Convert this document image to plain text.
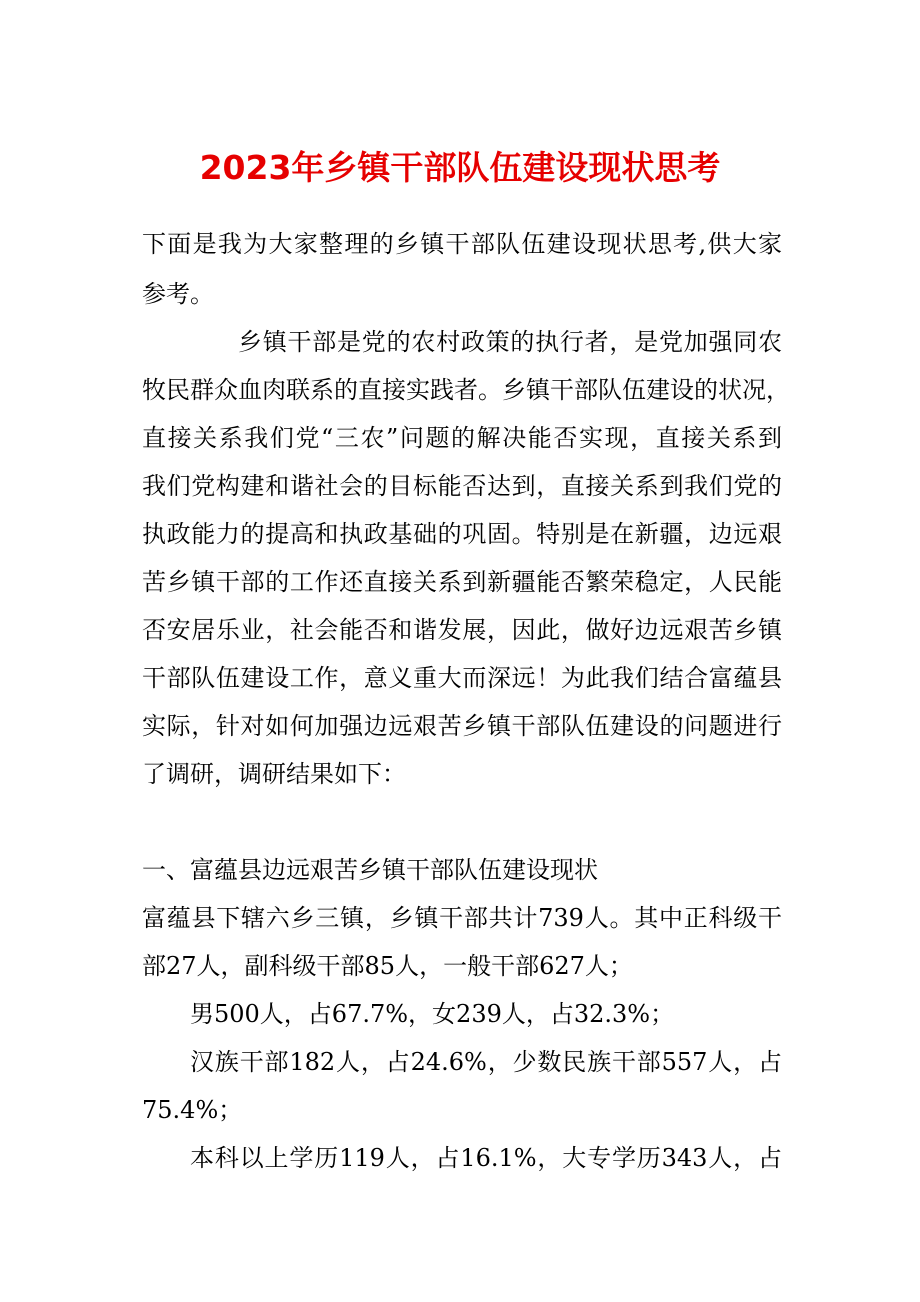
2023年乡镇干部队伍建设现状思考

下面是我为大家整理的乡镇干部队伍建设现状思考,供大家

参考。

乡镇干部是党的农村政策的执行者，是党加强同农

牧民群众血肉联系的直接实践者。乡镇干部队伍建设的状况，

直接关系我们党“三农”问题的解决能否实现，直接关系到

我们党构建和谐社会的目标能否达到，直接关系到我们党的

执政能力的提高和执政基础的巩固。特别是在新疆，边远艰

苦乡镇干部的工作还直接关系到新疆能否繁荣稳定，人民能

否安居乐业，社会能否和谐发展，因此，做好边远艰苦乡镇

干部队伍建设工作，意义重大而深远！为此我们结合富蕴县

实际，针对如何加强边远艰苦乡镇干部队伍建设的问题进行

了调研，调研结果如下：

一、富蕴县边远艰苦乡镇干部队伍建设现状

富蕴县下辖六乡三镇，乡镇干部共计739人。其中正科级干

部27人，副科级干部85人，一般干部627人；

男500人，占67.7%，女239人，占32.3%；

汉族干部182人，占24.6%，少数民族干部557人，占

75.4%；

本科以上学历119人，占16.1%，大专学历343人，占
